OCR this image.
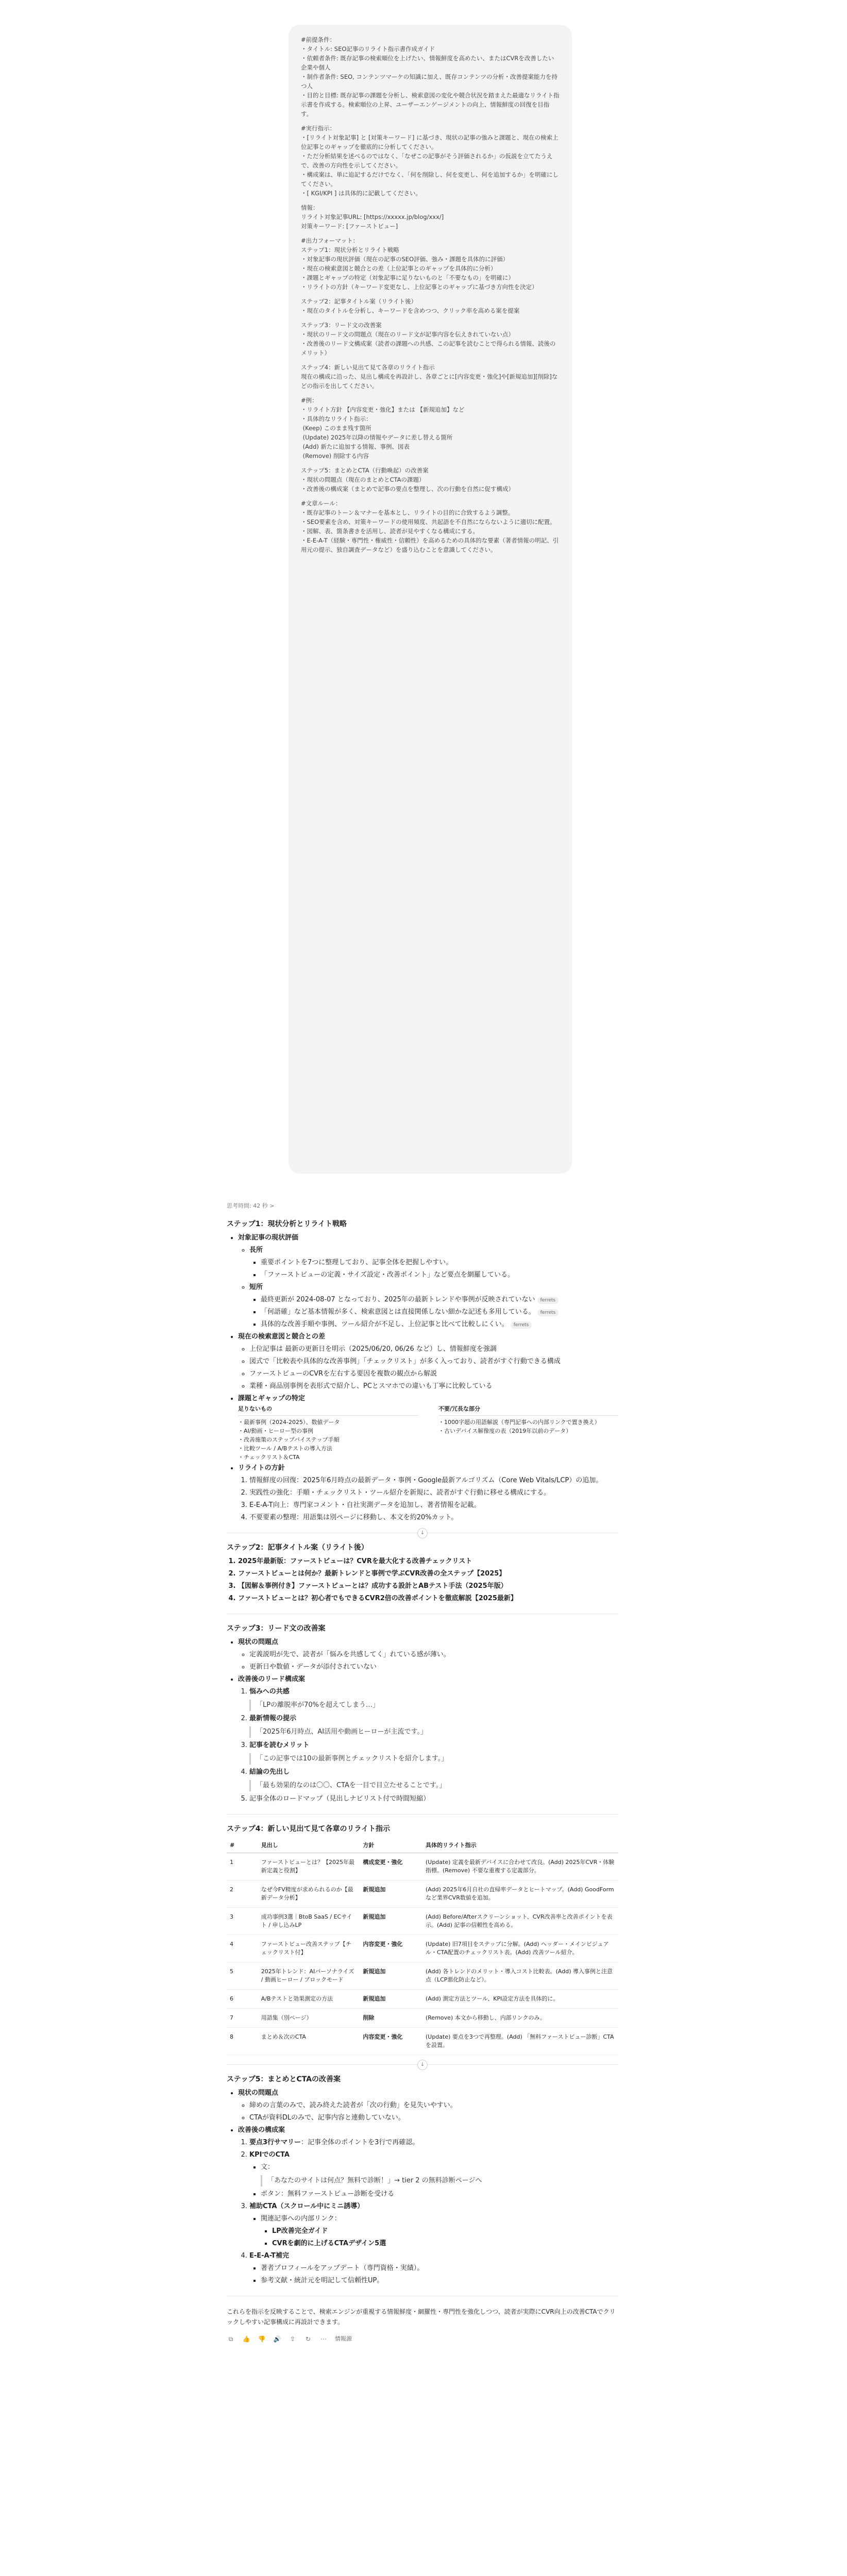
#前提条件：

・タイトル: SEO記事のリライト指示書作成ガイド

・依頼者条件: 既存記事の検索順位を上げたい、情報鮮度を高めたい、またはCVRを改善したい企業や個人

・制作者条件: SEO, コンテンツマーケの知識に加え、既存コンテンツの分析・改善提案能力を持つ人

・目的と目標: 既存記事の課題を分析し、検索意図の変化や競合状況を踏まえた最適なリライト指示書を作成する。検索順位の上昇、ユーザーエンゲージメントの向上、情報鮮度の回復を目指す。

#実行指示：

・[リライト対象記事] と [対策キーワード] に基づき、現状の記事の強みと課題と、現在の検索上位記事とのギャップを徹底的に分析してください。

・ただ分析結果を述べるのではなく、「なぜこの記事がそう評価されるか」の仮説を立てたうえで、改善の方向性を示してください。

・構成案は、単に追記するだけでなく、「何を削除し、何を変更し、何を追加するか」を明確にしてください。

・[ KGI/KPI ] は具体的に記載してください。

情報：

リライト対象記事URL: [https://xxxxx.jp/blog/xxx/]

対策キーワード: [ファーストビュー]

#出力フォーマット：

ステップ1：現状分析とリライト戦略

・対象記事の現状評価（現在の記事のSEO評価、強み・課題を具体的に評価）

・現在の検索意図と競合との差（上位記事とのギャップを具体的に分析）

・課題とギャップの特定（対象記事に足りないものと「不要なもの」を明確に）

・リライトの方針（キーワード変更なし、上位記事とのギャップに基づき方向性を決定）

ステップ2：記事タイトル案（リライト後）

・現在のタイトルを分析し、キーワードを含めつつ、クリック率を高める案を提案

ステップ3：リード文の改善案

・現状のリード文の問題点（現在のリード文が記事内容を伝えきれていない点）

・改善後のリード文構成案（読者の課題への共感、この記事を読むことで得られる情報、読後のメリット）

ステップ4：新しい見出て見て各章のリライト指示

現在の構成に沿った、見出し構成を再設計し、各章ごとに[内容変更・強化]や[新規追加][削除]などの指示を出してください。

#例：

・リライト方針 【内容変更・強化】または 【新規追加】など

・具体的なリライト指示：

(Keep) このまま残す箇所

(Update) 2025年以降の情報やデータに差し替える箇所

(Add) 新たに追加する情報、事例、図表

(Remove) 削除する内容

ステップ5：まとめとCTA（行動喚起）の改善案

・現状の問題点（現在のまとめとCTAの課題）

・改善後の構成案（まとめで記事の要点を整理し、次の行動を自然に促す構成）

#文章ルール：

・既存記事のトーン＆マナーを基本とし、リライトの目的に合致するよう調整。

・SEO要素を含め、対策キーワードの使用頻度、共起語を不自然にならないように適切に配置。

・図解、表、箇条書きを活用し、読者が見やすくなる構成にする。

・E-E-A-T（経験・専門性・権威性・信頼性）を高めるための具体的な要素（著者情報の明記、引用元の提示、独自調査データなど）を盛り込むことを意識してください。

思考時間: 42 秒 >
ステップ1：現状分析とリライト戦略
• 対象記事の現状評価
◦ 長所
▪ 重要ポイントを7つに整理しており、記事全体を把握しやすい。
▪ 「ファーストビューの定義・サイズ設定・改善ポイント」など要点を網羅している。
◦ 短所
▪ 最終更新が 2024-08-07 となっており、2025年の最新トレンドや事例が反映されていない ferrets
▪ 「何語確」など基本情報が多く、検索意図とは直接関係しない細かな記述も多用している。 ferrets
▪ 具体的な改善手順や事例、ツール紹介が不足し、上位記事と比べて比較しにくい。 ferrets
• 現在の検索意図と競合との差
◦ 上位記事は 最新の更新日を明示（2025/06/20, 06/26 など）し、情報鮮度を強調
◦ 図式で「比較表や具体的な改善事例」「チェックリスト」が多く入っており、読者がすぐ行動できる構成
◦ ファーストビューのCVRを左右する要因を複数の観点から解説
◦ 業種・商品別事例を表形式で紹介し、PCとスマホでの違いも丁寧に比較している
• 課題とギャップの特定
足りないもの
・最新事例（2024-2025）、数値データ
・AI/動画・ヒーロー型の事例
・改善施策のステップバイステップ手順
・比較ツール / A/Bテストの導入方法
・チェックリスト＆CTA
不要/冗長な部分
・1000字超の用語解説（専門記事への内部リンクで置き換え）
・古いデバイス解像度の表（2019年以前のデータ）
• リライトの方針
1. 情報鮮度の回復：2025年6月時点の最新データ・事例・Google最新アルゴリズム（Core Web Vitals/LCP）の追加。
2. 実践性の強化：手順・チェックリスト・ツール紹介を新規に、読者がすぐ行動に移せる構成にする。
3. E-E-A-T向上：専門家コメント・自社実測データを追加し、著者情報を記載。
4. 不要要素の整理：用語集は別ページに移動し、本文を約20%カット。
↓
ステップ2：記事タイトル案（リライト後）
1. 2025年最新版：ファーストビューは？CVRを最大化する改善チェックリスト
2. ファーストビューとは何か？最新トレンドと事例で学ぶCVR改善の全ステップ【2025】
3. 【図解＆事例付き】ファーストビューとは？成功する設計とABテスト手法（2025年版）
4. ファーストビューとは？初心者でもできるCVR2倍の改善ポイントを徹底解説【2025最新】
ステップ3：リード文の改善案
• 現状の問題点
◦ 定義説明が先で、読者が「悩みを共感してく」れている感が薄い。
◦ 更新日や数値・データが添付されていない
• 改善後のリード構成案
1. 悩みへの共感
「LPの離脱率が70%を超えてしまう…」
2. 最新情報の提示
「2025年6月時点、AI活用や動画ヒーローが主流です。」
3. 記事を読むメリット
「この記事では10の最新事例とチェックリストを紹介します。」
4. 結論の先出し
「最も効果的なのは〇〇、CTAを一目で目立たせることです。」
5. 記事全体のロードマップ（見出しナビリスト付で時間短縮）
ステップ4：新しい見出て見て各章のリライト指示
#	見出し	方針	具体的リライト指示
1	ファーストビューとは？【2025年最新定義と役割】	構成変更・強化	(Update) 定義を最新デバイスに合わせて改良。(Add) 2025年CVR・体験指標。(Remove) 不要な重複する定義部分。
2	なぜ今FV精度が求められるのか【最新データ分析】	新規追加	(Add) 2025年6月自社の直帰率データとヒートマップ。(Add) GoodFormなど業界CVR数値を追加。
3	成功事例3選｜BtoB SaaS / ECサイト / 申し込みLP	新規追加	(Add) Before/Afterスクリーンショット、CVR改善率と改善ポイントを表示。(Add) 記事の信頼性を高める。
4	ファーストビュー改善ステップ【チェックリスト付】	内容変更・強化	(Update) 旧7項目をステップに分解。(Add) ヘッダー・メインビジュアル・CTA配置のチェックリスト表。(Add) 改善ツール紹介。
5	2025年トレンド：AIパーソナライズ / 動画ヒーロー / ブロックモード	新規追加	(Add) 各トレンドのメリット・導入コスト比較表。(Add) 導入事例と注意点（LCP悪化防止など）。
6	A/Bテストと効果測定の方法	新規追加	(Add) 測定方法とツール、KPI設定方法を具体的に。
7	用語集（別ページ）	削除	(Remove) 本文から移動し、内部リンクのみ。
8	まとめ＆次のCTA	内容変更・強化	(Update) 要点を3つで再整理。(Add) 「無料ファーストビュー診断」CTAを設置。
↓
ステップ5：まとめとCTAの改善案
• 現状の問題点
◦ 締めの言葉のみで、読み終えた読者が「次の行動」を見失いやすい。
◦ CTAが資料DLのみで、記事内容と連動していない。
• 改善後の構成案
1. 要点3行サマリー：記事全体のポイントを3行で再確認。
2. KPIでのCTA
▪ 文：
「あなたのサイトは何点？無料で診断！」→ tier 2 の無料診断ページへ
▪ ボタン：無料ファーストビュー診断を受ける
3. 補助CTA（スクロール中にミニ誘導）
▪ 関連記事への内部リンク：
▪ LP改善完全ガイド
▪ CVRを劇的に上げるCTAデザイン5選
4. E-E-A-T補完
▪ 著者プロフィールをアップデート（専門資格・実績）。
▪ 参考文献・統計元を明記して信頼性UP。
これらを指示を反映することで、検索エンジンが重視する情報鮮度・網羅性・専門性を強化しつつ、読者が実際にCVR向上の改善CTAでクリックしやすい記事構成に再設計できます。
⧉	👍 👎 🔊 ⇪ ↻ ⋯ 情報源
